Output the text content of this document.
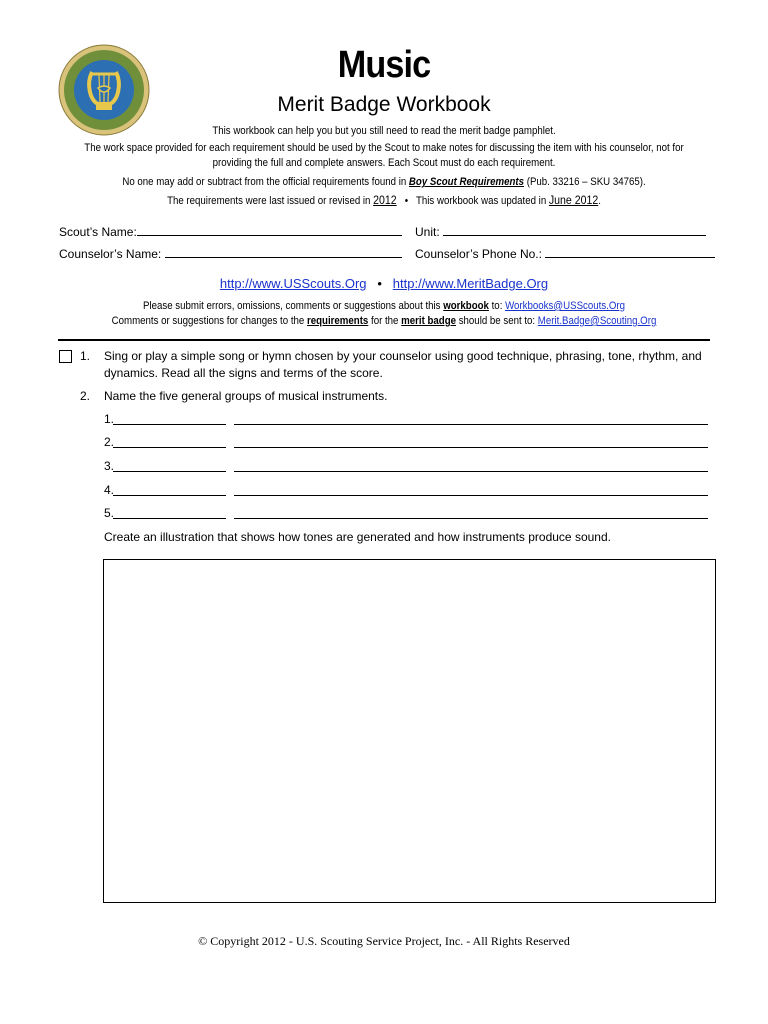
Music
Merit Badge Workbook
This workbook can help you but you still need to read the merit badge pamphlet.
The work space provided for each requirement should be used by the Scout to make notes for discussing the item with his counselor, not for
providing the full and complete answers. Each Scout must do each requirement.
No one may add or subtract from the official requirements found in Boy Scout Requirements (Pub. 33216 – SKU 34765).
The requirements were last issued or revised in 2012   •   This workbook was updated in June 2012.
Scout’s Name:	Unit:
Counselor’s Name:	Counselor’s Phone No.:
http://www.USScouts.Org • http://www.MeritBadge.Org
Please submit errors, omissions, comments or suggestions about this workbook to: Workbooks@USScouts.Org
Comments or suggestions for changes to the requirements for the merit badge should be sent to: Merit.Badge@Scouting.Org
1. Sing or play a simple song or hymn chosen by your counselor using good technique, phrasing, tone, rhythm, and
dynamics. Read all the signs and terms of the score.
2. Name the five general groups of musical instruments.
1.
2.
3.
4.
5.
Create an illustration that shows how tones are generated and how instruments produce sound.
© Copyright 2012 - U.S. Scouting Service Project, Inc. - All Rights Reserved
